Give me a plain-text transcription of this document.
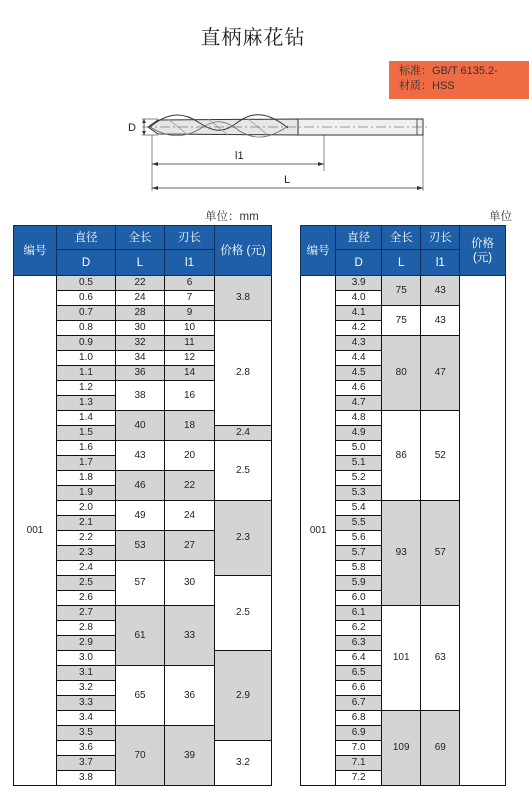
直柄麻花钻
标准：GB/T 6135.2-
材质：HSS
D
l1
L
单位：mm	单位
编号	直径	全长	刃长	价格 (元)
	D	L	l1	
001	0.5	22	6	3.8
	0.6	24	7	
	0.7	28	9	
	0.8	30	10	2.8
	0.9	32	11	
	1.0	34	12	
	1.1	36	14	
	1.2	38	16	
	1.3			
	1.4	40	18	
	1.5			2.4
	1.6	43	20	2.5
	1.7			
	1.8	46	22	
	1.9			
	2.0	49	24	2.3
	2.1			
	2.2	53	27	
	2.3			
	2.4	57	30	
	2.5			2.5
	2.6			
	2.7	61	33	
	2.8			
	2.9			
	3.0			2.9
	3.1	65	36	
	3.2			
	3.3			
	3.4			
	3.5	70	39	
	3.6			3.2
	3.7			
	3.8			
编号	直径	全长	刃长	价格 (元)
	D	L	l1	
001	3.9	75	43	
	4.0			
	4.1	75	43	
	4.2			
	4.3	80	47	
	4.4			
	4.5			
	4.6			
	4.7			
	4.8	86	52	
	4.9			
	5.0			
	5.1			
	5.2			
	5.3			
	5.4	93	57	
	5.5			
	5.6			
	5.7			
	5.8			
	5.9			
	6.0			
	6.1	101	63	
	6.2			
	6.3			
	6.4			
	6.5			
	6.6			
	6.7			
	6.8	109	69	
	6.9			
	7.0			
	7.1			
	7.2			
